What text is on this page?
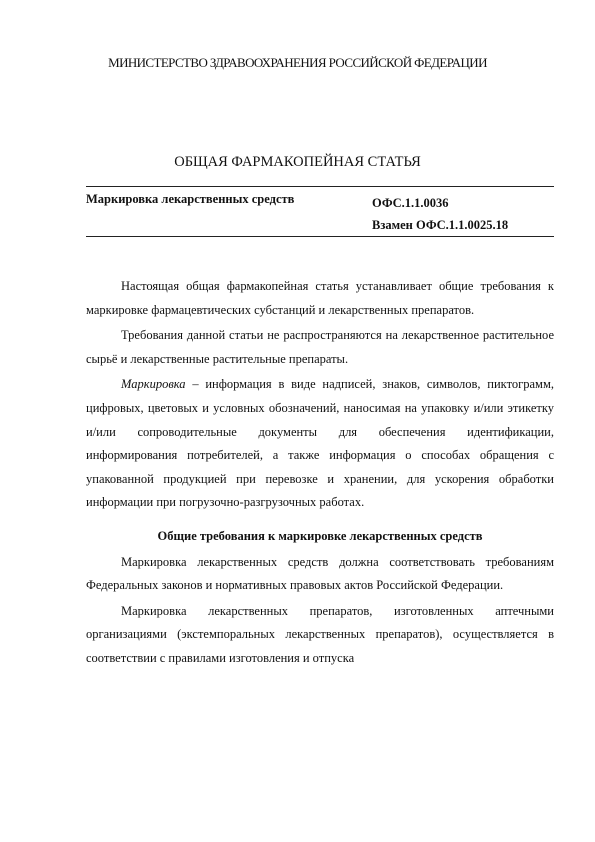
МИНИСТЕРСТВО ЗДРАВООХРАНЕНИЯ РОССИЙСКОЙ ФЕДЕРАЦИИ
ОБЩАЯ ФАРМАКОПЕЙНАЯ СТАТЬЯ
Маркировка лекарственных средств	ОФС.1.1.0036
Взамен ОФС.1.1.0025.18

Настоящая общая фармакопейная статья устанавливает общие требования к маркировке фармацевтических субстанций и лекарственных препаратов.

Требования данной статьи не распространяются на лекарственное растительное сырьё и лекарственные растительные препараты.

Маркировка – информация в виде надписей, знаков, символов, пиктограмм, цифровых, цветовых и условных обозначений, наносимая на упаковку и/или этикетку и/или сопроводительные документы для обеспечения идентификации, информирования потребителей, а также информация о способах обращения с упакованной продукцией при перевозке и хранении, для ускорения обработки информации при погрузочно-разгрузочных работах.

Общие требования к маркировке лекарственных средств

Маркировка лекарственных средств должна соответствовать требованиям Федеральных законов и нормативных правовых актов Российской Федерации.

Маркировка лекарственных препаратов, изготовленных аптечными организациями (экстемпоральных лекарственных препаратов), осуществляется в соответствии с правилами изготовления и отпуска
